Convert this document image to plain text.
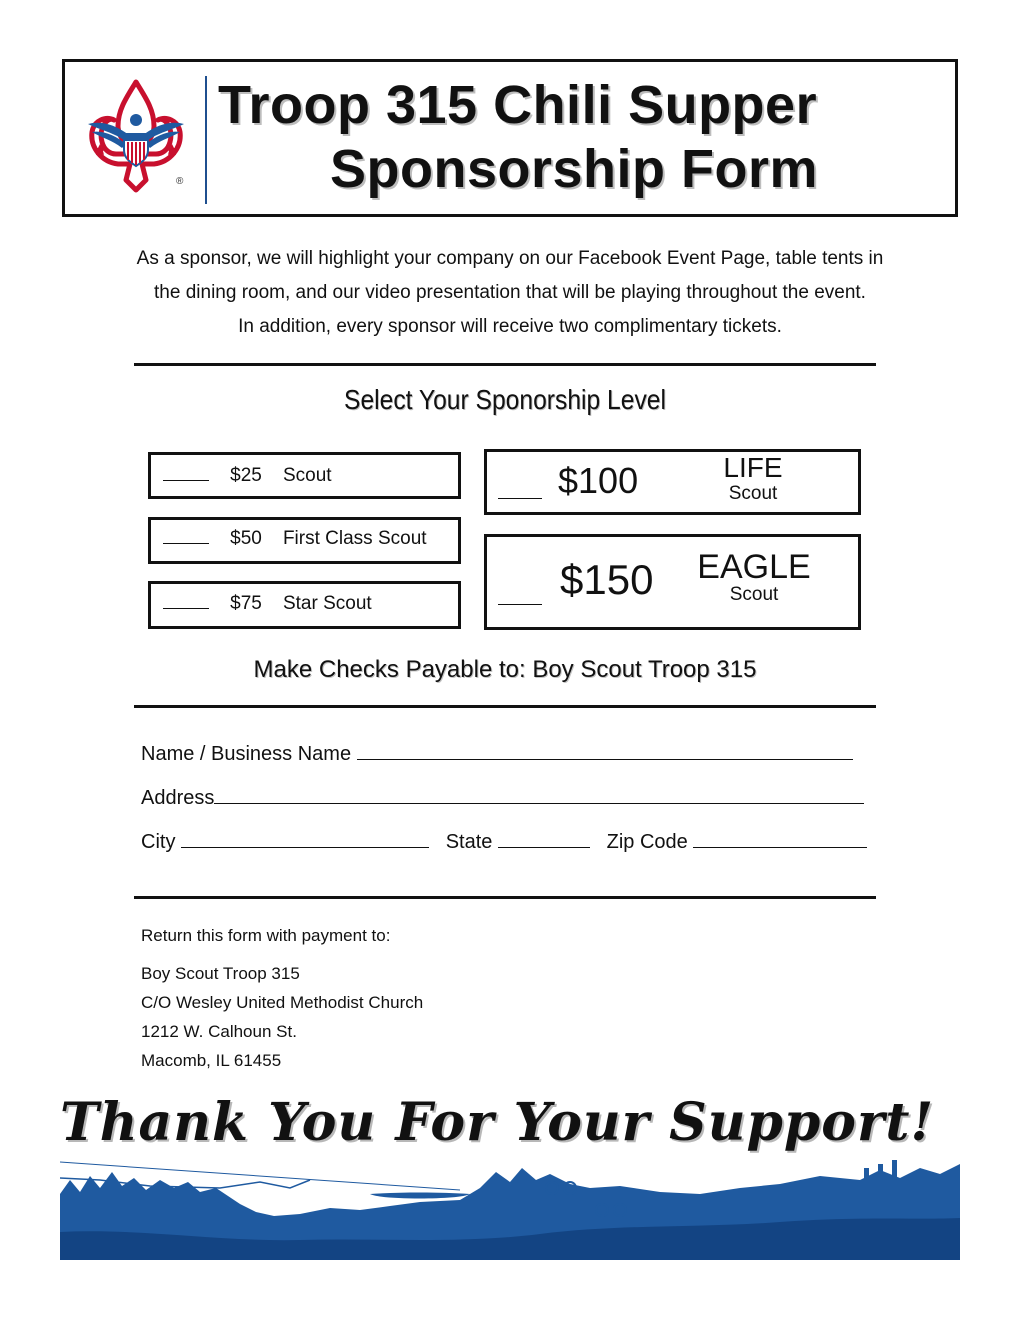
®
Troop 315 Chili Supper
Sponsorship Form
As a sponsor, we will highlight your company on our Facebook Event Page, table tents in
the dining room, and our video presentation that will be playing throughout the event.
In addition, every sponsor will receive two complimentary tickets.
Select Your Sponorship Level
$25 Scout
$50 First Class Scout
$75 Star Scout
$100	LIFE
Scout
$150 EAGLE
Scout
Make Checks Payable to: Boy Scout Troop 315
Name / Business Name
Address
City	State	Zip Code
Return this form with payment to:
Boy Scout Troop 315
C/O Wesley United Methodist Church
1212 W. Calhoun St.
Macomb, IL 61455
Thank You For Your Support!
